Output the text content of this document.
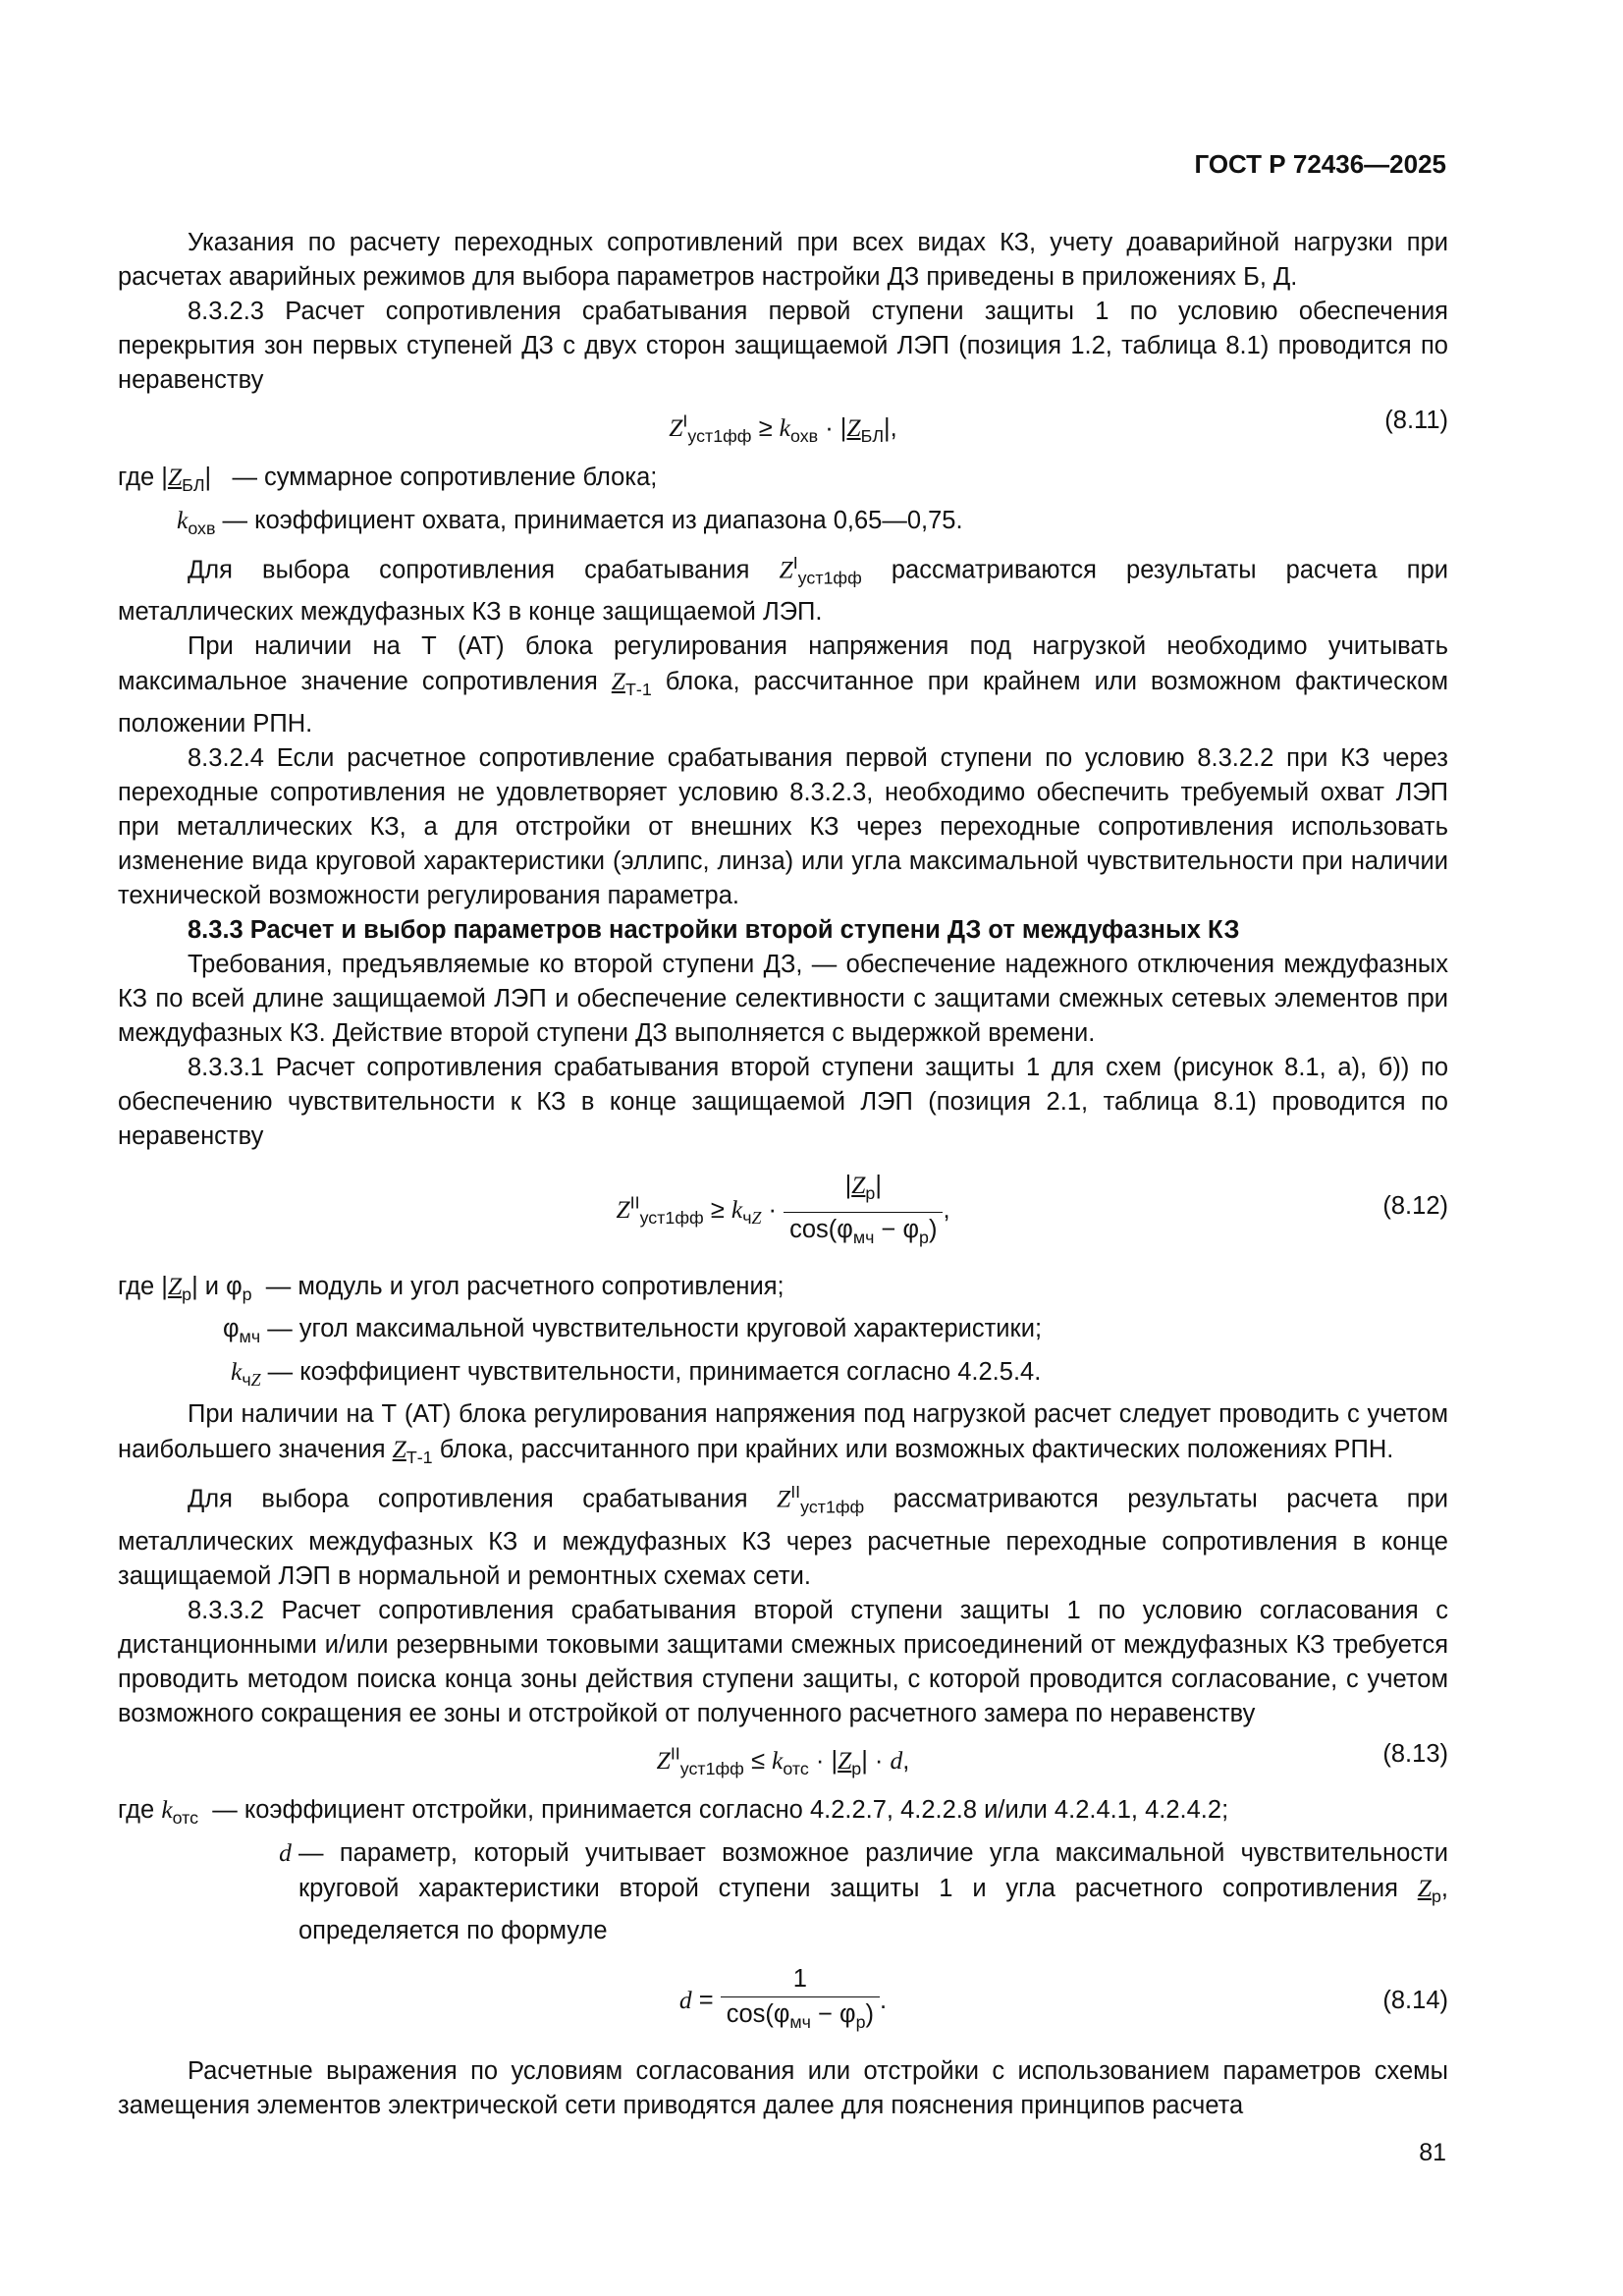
ГОСТ Р 72436—2025

Указания по расчету переходных сопротивлений при всех видах КЗ, учету доаварийной нагрузки при расчетах аварийных режимов для выбора параметров настройки ДЗ приведены в приложениях Б, Д.

8.3.2.3 Расчет сопротивления срабатывания первой ступени защиты 1 по условию обеспечения перекрытия зон первых ступеней ДЗ с двух сторон защищаемой ЛЭП (позиция 1.2, таблица 8.1) проводится по неравенству

$Z^I_{уст1фф} \ge k_{охв} \cdot |Z_{БЛ}|$,	(8.11)

где $|Z_{БЛ}|$   — суммарное сопротивление блока;

$k_{охв}$ — коэффициент охвата, принимается из диапазона 0,65—0,75.

Для выбора сопротивления срабатывания $Z^I_{уст1фф}$ рассматриваются результаты расчета при металлических междуфазных КЗ в конце защищаемой ЛЭП.

При наличии на Т (АТ) блока регулирования напряжения под нагрузкой необходимо учитывать максимальное значение сопротивления $Z_{Т-1}$ блока, рассчитанное при крайнем или возможном фактическом положении РПН.

8.3.2.4 Если расчетное сопротивление срабатывания первой ступени по условию 8.3.2.2 при КЗ через переходные сопротивления не удовлетворяет условию 8.3.2.3, необходимо обеспечить требуемый охват ЛЭП при металлических КЗ, а для отстройки от внешних КЗ через переходные сопротивления использовать изменение вида круговой характеристики (эллипс, линза) или угла максимальной чувствительности при наличии технической возможности регулирования параметра.

8.3.3 Расчет и выбор параметров настройки второй ступени ДЗ от междуфазных КЗ

Требования, предъявляемые ко второй ступени ДЗ, — обеспечение надежного отключения междуфазных КЗ по всей длине защищаемой ЛЭП и обеспечение селективности с защитами смежных сетевых элементов при междуфазных КЗ. Действие второй ступени ДЗ выполняется с выдержкой времени.

8.3.3.1 Расчет сопротивления срабатывания второй ступени защиты 1 для схем (рисунок 8.1, а), б)) по обеспечению чувствительности к КЗ в конце защищаемой ЛЭП (позиция 2.1, таблица 8.1) проводится по неравенству

$Z^{II}_{уст1фф} \ge k_{чZ} \cdot \frac{|Z_р|}{\cos(\varphi_{мч} - \varphi_р)}$ ,	(8.12)

где $|Z_р|$ и $\varphi_р$ — модуль и угол расчетного сопротивления;

$\varphi_{мч}$ — угол максимальной чувствительности круговой характеристики;

$k_{чZ}$ — коэффициент чувствительности, принимается согласно 4.2.5.4.

При наличии на Т (АТ) блока регулирования напряжения под нагрузкой расчет следует проводить с учетом наибольшего значения $Z_{Т-1}$ блока, рассчитанного при крайних или возможных фактических положениях РПН.

Для выбора сопротивления срабатывания $Z^{II}_{уст1фф}$ рассматриваются результаты расчета при металлических междуфазных КЗ и междуфазных КЗ через расчетные переходные сопротивления в конце защищаемой ЛЭП в нормальной и ремонтных схемах сети.

8.3.3.2 Расчет сопротивления срабатывания второй ступени защиты 1 по условию согласования с дистанционными и/или резервными токовыми защитами смежных присоединений от междуфазных КЗ требуется проводить методом поиска конца зоны действия ступени защиты, с которой проводится согласование, с учетом возможного сокращения ее зоны и отстройкой от полученного расчетного замера по неравенству

$Z^{II}_{уст1фф} \le k_{отс} \cdot |Z_р| \cdot d$,	(8.13)

где $k_{отс}$ — коэффициент отстройки, принимается согласно 4.2.2.7, 4.2.2.8 и/или 4.2.4.1, 4.2.4.2;

d — параметр, который учитывает возможное различие угла максимальной чувствительности круговой характеристики второй ступени защиты 1 и угла расчетного сопротивления $Z_р$, определяется по формуле

$d = \frac{1}{\cos(\varphi_{мч} - \varphi_р)}$ .	(8.14)

Расчетные выражения по условиям согласования или отстройки с использованием параметров схемы замещения элементов электрической сети приводятся далее для пояснения принципов расчета

81
